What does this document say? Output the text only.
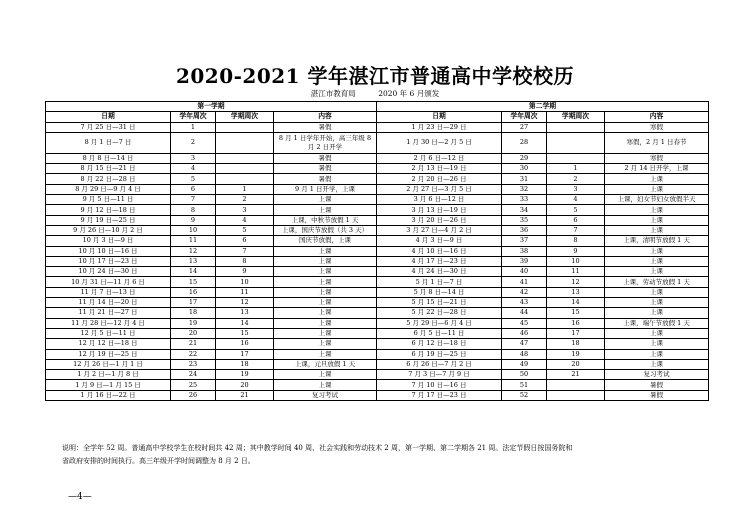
2020-2021 学年湛江市普通高中学校校历
湛江市教育局	2020 年 6 月颁发
第一学期				第二学期			
日期	学年周次	学期周次	内容	日期	学年周次	学期周次	内容
7 月 25 日—31 日	1		暑假	1 月 23 日—29 日	27		寒假
8 月 1 日—7 日	2		8 月 1 日学年开始，高三年级 8 月 2 日开学	1 月 30 日—2 月 5 日	28		寒假，2 月 1 日春节
8 月 8 日—14 日	3		暑假	2 月 6 日—12 日	29		寒假
8 月 15 日—21 日	4		暑假	2 月 13 日—19 日	30	1	2 月 14 日开学，上课
8 月 22 日—28 日	5		暑假	2 月 20 日—26 日	31	2	上课
8 月 29 日—9 月 4 日	6	1	9 月 1 日开学，上课	2 月 27 日—3 月 5 日	32	3	上课
9 月 5 日—11 日	7	2	上课	3 月 6 日—12 日	33	4	上课，妇女节妇女放假半天
9 月 12 日—18 日	8	3	上课	3 月 13 日—19 日	34	5	上课
9 月 19 日—25 日	9	4	上课，中秋节放假 1 天	3 月 20 日—26 日	35	6	上课
9 月 26 日—10 月 2 日	10	5	上课，国庆节放假（共 3 天）	3 月 27 日—4 月 2 日	36	7	上课
10 月 3 日—9 日	11	6	国庆节放假，上课	4 月 3 日—9 日	37	8	上课，清明节放假 1 天
10 月 10 日—16 日	12	7	上课	4 月 10 日—16 日	38	9	上课
10 月 17 日—23 日	13	8	上课	4 月 17 日—23 日	39	10	上课
10 月 24 日—30 日	14	9	上课	4 月 24 日—30 日	40	11	上课
10 月 31 日—11 月 6 日	15	10	上课	5 月 1 日—7 日	41	12	上课，劳动节放假 1 天
11 月 7 日—13 日	16	11	上课	5 月 8 日—14 日	42	13	上课
11 月 14 日—20 日	17	12	上课	5 月 15 日—21 日	43	14	上课
11 月 21 日—27 日	18	13	上课	5 月 22 日—28 日	44	15	上课
11 月 28 日—12 月 4 日	19	14	上课	5 月 29 日—6 月 4 日	45	16	上课，端午节放假 1 天
12 月 5 日—11 日	20	15	上课	6 月 5 日—11 日	46	17	上课
12 月 12 日—18 日	21	16	上课	6 月 12 日—18 日	47	18	上课
12 月 19 日—25 日	22	17	上课	6 月 19 日—25 日	48	19	上课
12 月 26 日—1 月 1 日	23	18	上课，元旦放假 1 天	6 月 26 日—7 月 2 日	49	20	上课
1 月 2 日—1 月 8 日	24	19	上课	7 月 3 日—7 月 9 日	50	21	复习考试
1 月 9 日—1 月 15 日	25	20	上课	7 月 10 日—16 日	51		暑假
1 月 16 日—22 日	26	21	复习考试	7 月 17 日—23 日	52		暑假
说明：全学年 52 周。普通高中学校学生在校时间共 42 周；其中教学时间 40 周、社会实践和劳动技术 2 周，第一学期、第二学期各 21 周。法定节假日按国务院和
省政府安排的时间执行。高三年级开学时间调整为 8 月 2 日。
—4—
